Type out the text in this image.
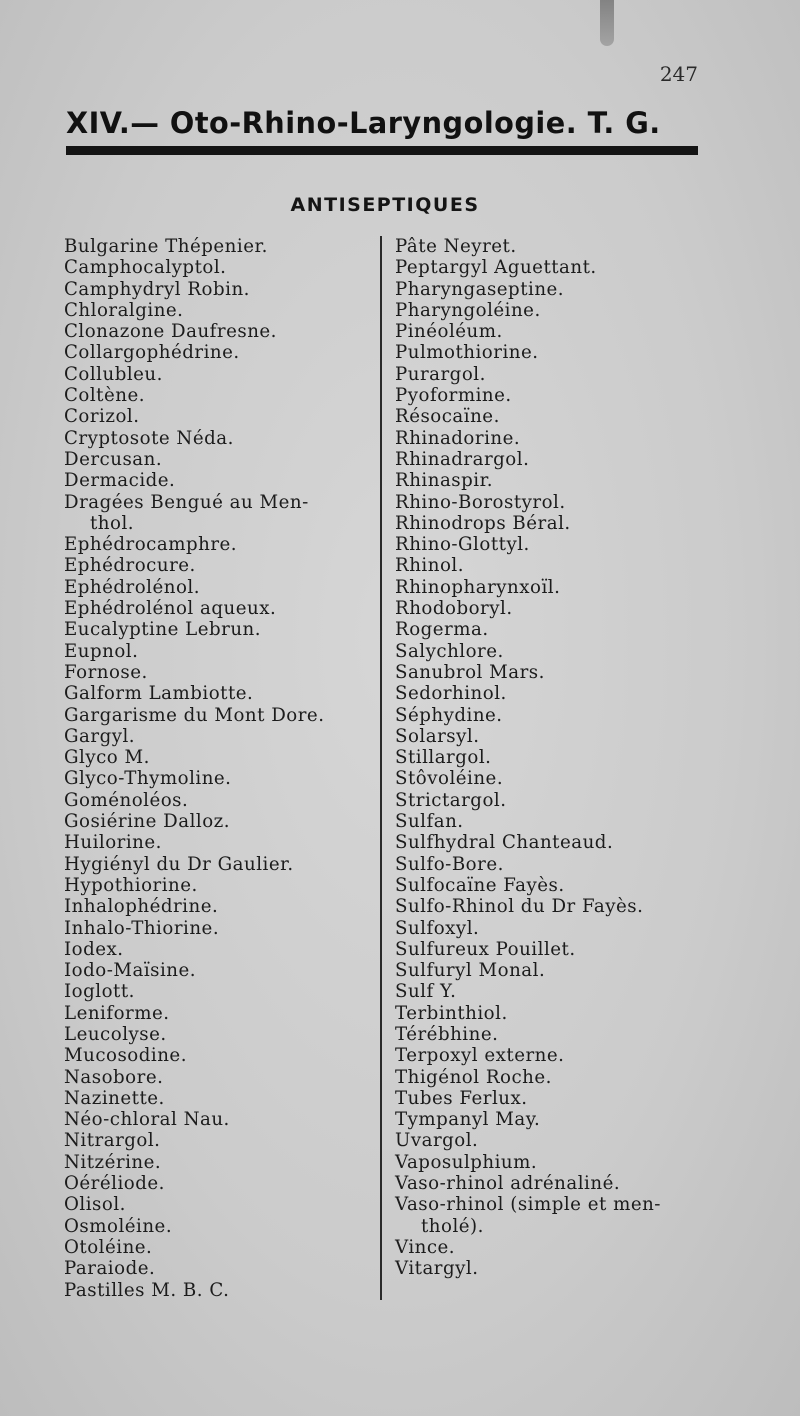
247
XIV.— Oto-Rhino-Laryngologie. T. G.
ANTISEPTIQUES
Bulgarine Thépenier.
Camphocalyptol.
Camphydryl Robin.
Chloralgine.
Clonazone Daufresne.
Collargophédrine.
Collubleu.
Coltène.
Corizol.
Cryptosote Néda.
Dercusan.
Dermacide.
Dragées Bengué au Men-
thol.
Ephédrocamphre.
Ephédrocure.
Ephédrolénol.
Ephédrolénol aqueux.
Eucalyptine Lebrun.
Eupnol.
Fornose.
Galform Lambiotte.
Gargarisme du Mont Dore.
Gargyl.
Glyco M.
Glyco-Thymoline.
Goménoléos.
Gosiérine Dalloz.
Huilorine.
Hygiényl du Dr Gaulier.
Hypothiorine.
Inhalophédrine.
Inhalo-Thiorine.
Iodex.
Iodo-Maïsine.
Ioglott.
Leniforme.
Leucolyse.
Mucosodine.
Nasobore.
Nazinette.
Néo-chloral Nau.
Nitrargol.
Nitzérine.
Oéréliode.
Olisol.
Osmoléine.
Otoléine.
Paraiode.
Pastilles M. B. C.
Pâte Neyret.
Peptargyl Aguettant.
Pharyngaseptine.
Pharyngoléine.
Pinéoléum.
Pulmothiorine.
Purargol.
Pyoformine.
Résocaïne.
Rhinadorine.
Rhinadrargol.
Rhinaspir.
Rhino-Borostyrol.
Rhinodrops Béral.
Rhino-Glottyl.
Rhinol.
Rhinopharynxoïl.
Rhodoboryl.
Rogerma.
Salychlore.
Sanubrol Mars.
Sedorhinol.
Séphydine.
Solarsyl.
Stillargol.
Stôvoléine.
Strictargol.
Sulfan.
Sulfhydral Chanteaud.
Sulfo-Bore.
Sulfocaïne Fayès.
Sulfo-Rhinol du Dr Fayès.
Sulfoxyl.
Sulfureux Pouillet.
Sulfuryl Monal.
Sulf Y.
Terbinthiol.
Térébhine.
Terpoxyl externe.
Thigénol Roche.
Tubes Ferlux.
Tympanyl May.
Uvargol.
Vaposulphium.
Vaso-rhinol adrénaliné.
Vaso-rhinol (simple et men-
tholé).
Vince.
Vitargyl.
